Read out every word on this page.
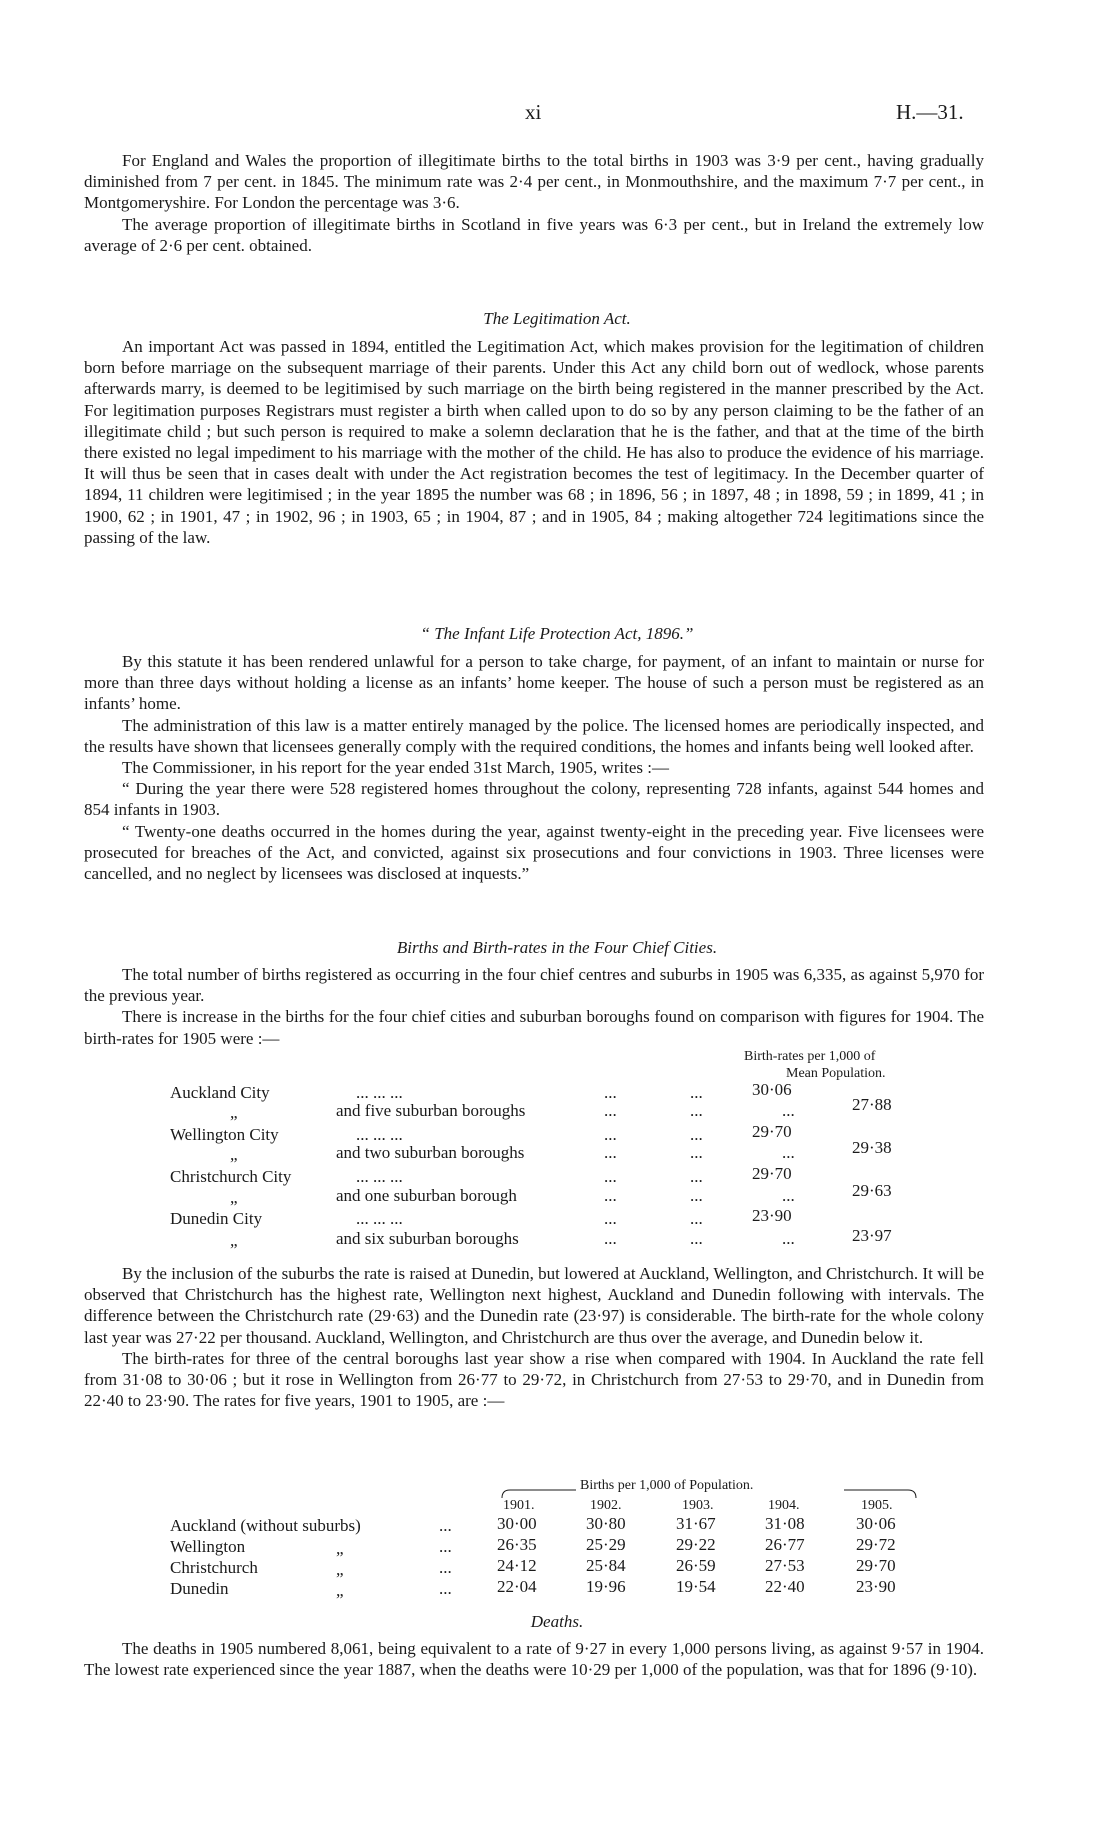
xi	H.—31.

For England and Wales the proportion of illegitimate births to the total births in 1903 was 3·9 per cent., having gradually diminished from 7 per cent. in 1845. The minimum rate was 2·4 per cent., in Monmouthshire, and the maximum 7·7 per cent., in Montgomeryshire. For London the percentage was 3·6.

The average proportion of illegitimate births in Scotland in five years was 6·3 per cent., but in Ireland the extremely low average of 2·6 per cent. obtained.

The Legitimation Act.

An important Act was passed in 1894, entitled the Legitimation Act, which makes provision for the legitimation of children born before marriage on the subsequent marriage of their parents. Under this Act any child born out of wedlock, whose parents afterwards marry, is deemed to be legitimised by such marriage on the birth being registered in the manner prescribed by the Act. For legitimation purposes Registrars must register a birth when called upon to do so by any person claiming to be the father of an illegitimate child ; but such person is required to make a solemn declaration that he is the father, and that at the time of the birth there existed no legal impediment to his marriage with the mother of the child. He has also to produce the evidence of his marriage. It will thus be seen that in cases dealt with under the Act registration becomes the test of legitimacy. In the December quarter of 1894, 11 children were legitimised ; in the year 1895 the number was 68 ; in 1896, 56 ; in 1897, 48 ; in 1898, 59 ; in 1899, 41 ; in 1900, 62 ; in 1901, 47 ; in 1902, 96 ; in 1903, 65 ; in 1904, 87 ; and in 1905, 84 ; making altogether 724 legitimations since the passing of the law.

“ The Infant Life Protection Act, 1896.”

By this statute it has been rendered unlawful for a person to take charge, for payment, of an infant to maintain or nurse for more than three days without holding a license as an infants’ home keeper. The house of such a person must be registered as an infants’ home.

The administration of this law is a matter entirely managed by the police. The licensed homes are periodically inspected, and the results have shown that licensees generally comply with the required conditions, the homes and infants being well looked after.

The Commissioner, in his report for the year ended 31st March, 1905, writes :—

“ During the year there were 528 registered homes throughout the colony, representing 728 infants, against 544 homes and 854 infants in 1903.

“ Twenty-one deaths occurred in the homes during the year, against twenty-eight in the preceding year. Five licensees were prosecuted for breaches of the Act, and convicted, against six prosecutions and four convictions in 1903. Three licenses were cancelled, and no neglect by licensees was disclosed at inquests.”

Births and Birth-rates in the Four Chief Cities.

The total number of births registered as occurring in the four chief centres and suburbs in 1905 was 6,335, as against 5,970 for the previous year.

There is increase in the births for the four chief cities and suburban boroughs found on comparison with figures for 1904. The birth-rates for 1905 were :—

Birth-rates per 1,000 of
Mean Population.
Auckland City	... ... ...	...	...	30·06
„	and five suburban boroughs	...	...	...	27·88
Wellington City	... ... ...	...	...	29·70
„	and two suburban boroughs	...	...	...	29·38
Christchurch City	... ... ...	...	...	29·70
„	and one suburban borough	...	...	...	29·63
Dunedin City	... ... ...	...	...	23·90
„	and six suburban boroughs	...	...	...	23·97

By the inclusion of the suburbs the rate is raised at Dunedin, but lowered at Auckland, Wellington, and Christchurch. It will be observed that Christchurch has the highest rate, Wellington next highest, Auckland and Dunedin following with intervals. The difference between the Christchurch rate (29·63) and the Dunedin rate (23·97) is considerable. The birth-rate for the whole colony last year was 27·22 per thousand. Auckland, Wellington, and Christchurch are thus over the average, and Dunedin below it.

The birth-rates for three of the central boroughs last year show a rise when compared with 1904. In Auckland the rate fell from 31·08 to 30·06 ; but it rose in Wellington from 26·77 to 29·72, in Christchurch from 27·53 to 29·70, and in Dunedin from 22·40 to 23·90. The rates for five years, 1901 to 1905, are :—

Births per 1,000 of Population.
1901.	1902.	1903.	1904.	1905.
Auckland (without suburbs)	...	30·00	30·80	31·67	31·08	30·06
Wellington	„	...	26·35	25·29	29·22	26·77	29·72
Christchurch	„	...	24·12	25·84	26·59	27·53	29·70
Dunedin	„	...	22·04	19·96	19·54	22·40	23·90
Deaths.

The deaths in 1905 numbered 8,061, being equivalent to a rate of 9·27 in every 1,000 persons living, as against 9·57 in 1904. The lowest rate experienced since the year 1887, when the deaths were 10·29 per 1,000 of the population, was that for 1896 (9·10).
